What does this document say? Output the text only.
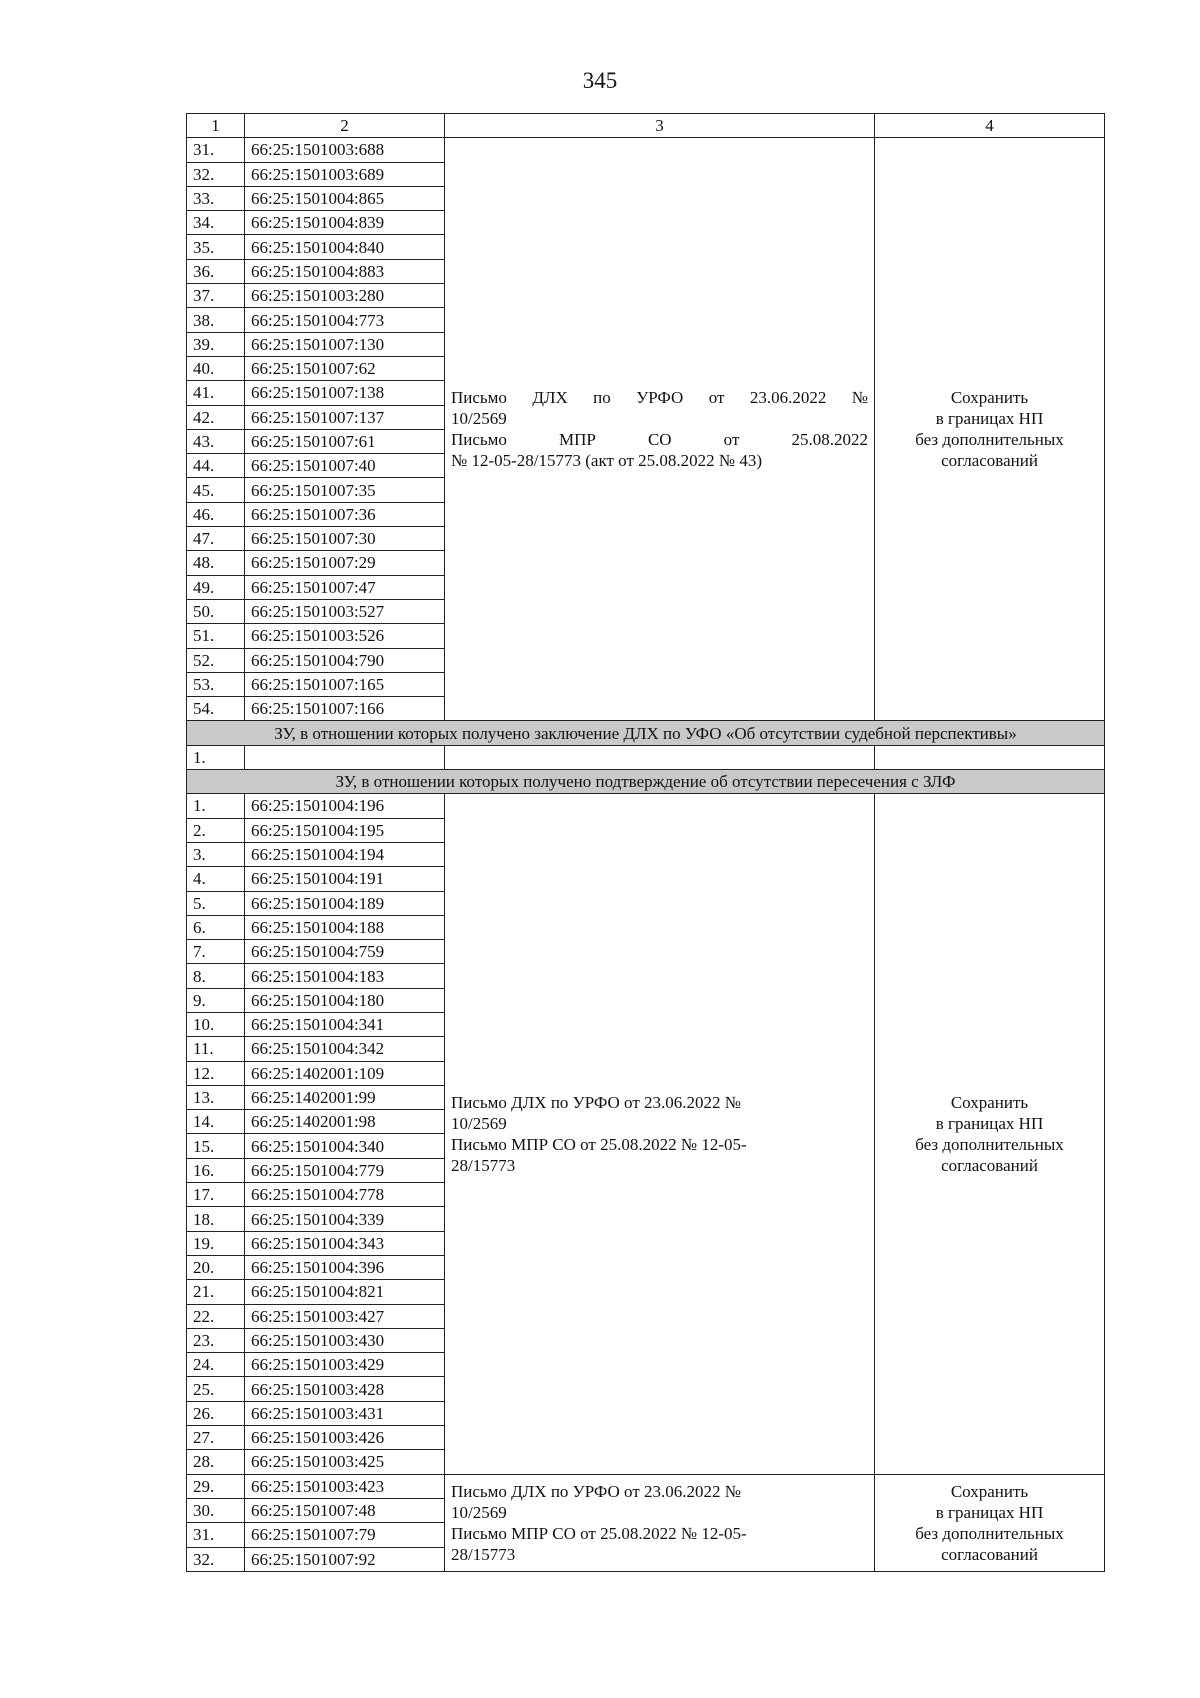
345
1	2	3	4
31.	66:25:1501003:688	Письмо ДЛХ по УРФО от 23.06.2022 №
10/2569
Письмо МПР СО от 25.08.2022
№ 12-05-28/15773 (акт от 25.08.2022 № 43)	Сохранить
в границах НП
без дополнительных
согласований

32.	66:25:1501003:689		
33.	66:25:1501004:865		
34.	66:25:1501004:839		
35.	66:25:1501004:840		
36.	66:25:1501004:883		
37.	66:25:1501003:280		
38.	66:25:1501004:773		
39.	66:25:1501007:130		
40.	66:25:1501007:62		
41.	66:25:1501007:138		
42.	66:25:1501007:137		
43.	66:25:1501007:61		
44.	66:25:1501007:40		
45.	66:25:1501007:35		
46.	66:25:1501007:36		
47.	66:25:1501007:30		
48.	66:25:1501007:29		
49.	66:25:1501007:47		
50.	66:25:1501003:527		
51.	66:25:1501003:526		
52.	66:25:1501004:790		
53.	66:25:1501007:165		
54.	66:25:1501007:166		
ЗУ, в отношении которых получено заключение ДЛХ по УФО «Об отсутствии судебной перспективы»			
1.			
ЗУ, в отношении которых получено подтверждение об отсутствии пересечения с ЗЛФ			
1.	66:25:1501004:196	Письмо ДЛХ по УРФО от 23.06.2022 №
10/2569
Письмо МПР СО от 25.08.2022 № 12-05-
28/15773	Сохранить
в границах НП
без дополнительных
согласований

2.	66:25:1501004:195		
3.	66:25:1501004:194		
4.	66:25:1501004:191		
5.	66:25:1501004:189		
6.	66:25:1501004:188		
7.	66:25:1501004:759		
8.	66:25:1501004:183		
9.	66:25:1501004:180		
10.	66:25:1501004:341		
11.	66:25:1501004:342		
12.	66:25:1402001:109		
13.	66:25:1402001:99		
14.	66:25:1402001:98		
15.	66:25:1501004:340		
16.	66:25:1501004:779		
17.	66:25:1501004:778		
18.	66:25:1501004:339		
19.	66:25:1501004:343		
20.	66:25:1501004:396		
21.	66:25:1501004:821		
22.	66:25:1501003:427		
23.	66:25:1501003:430		
24.	66:25:1501003:429		
25.	66:25:1501003:428		
26.	66:25:1501003:431		
27.	66:25:1501003:426		
28.	66:25:1501003:425		
29.	66:25:1501003:423	Письмо ДЛХ по УРФО от 23.06.2022 №
10/2569
Письмо МПР СО от 25.08.2022 № 12-05-
28/15773	Сохранить
в границах НП
без дополнительных
согласований

30.	66:25:1501007:48		
31.	66:25:1501007:79		
32.	66:25:1501007:92		
